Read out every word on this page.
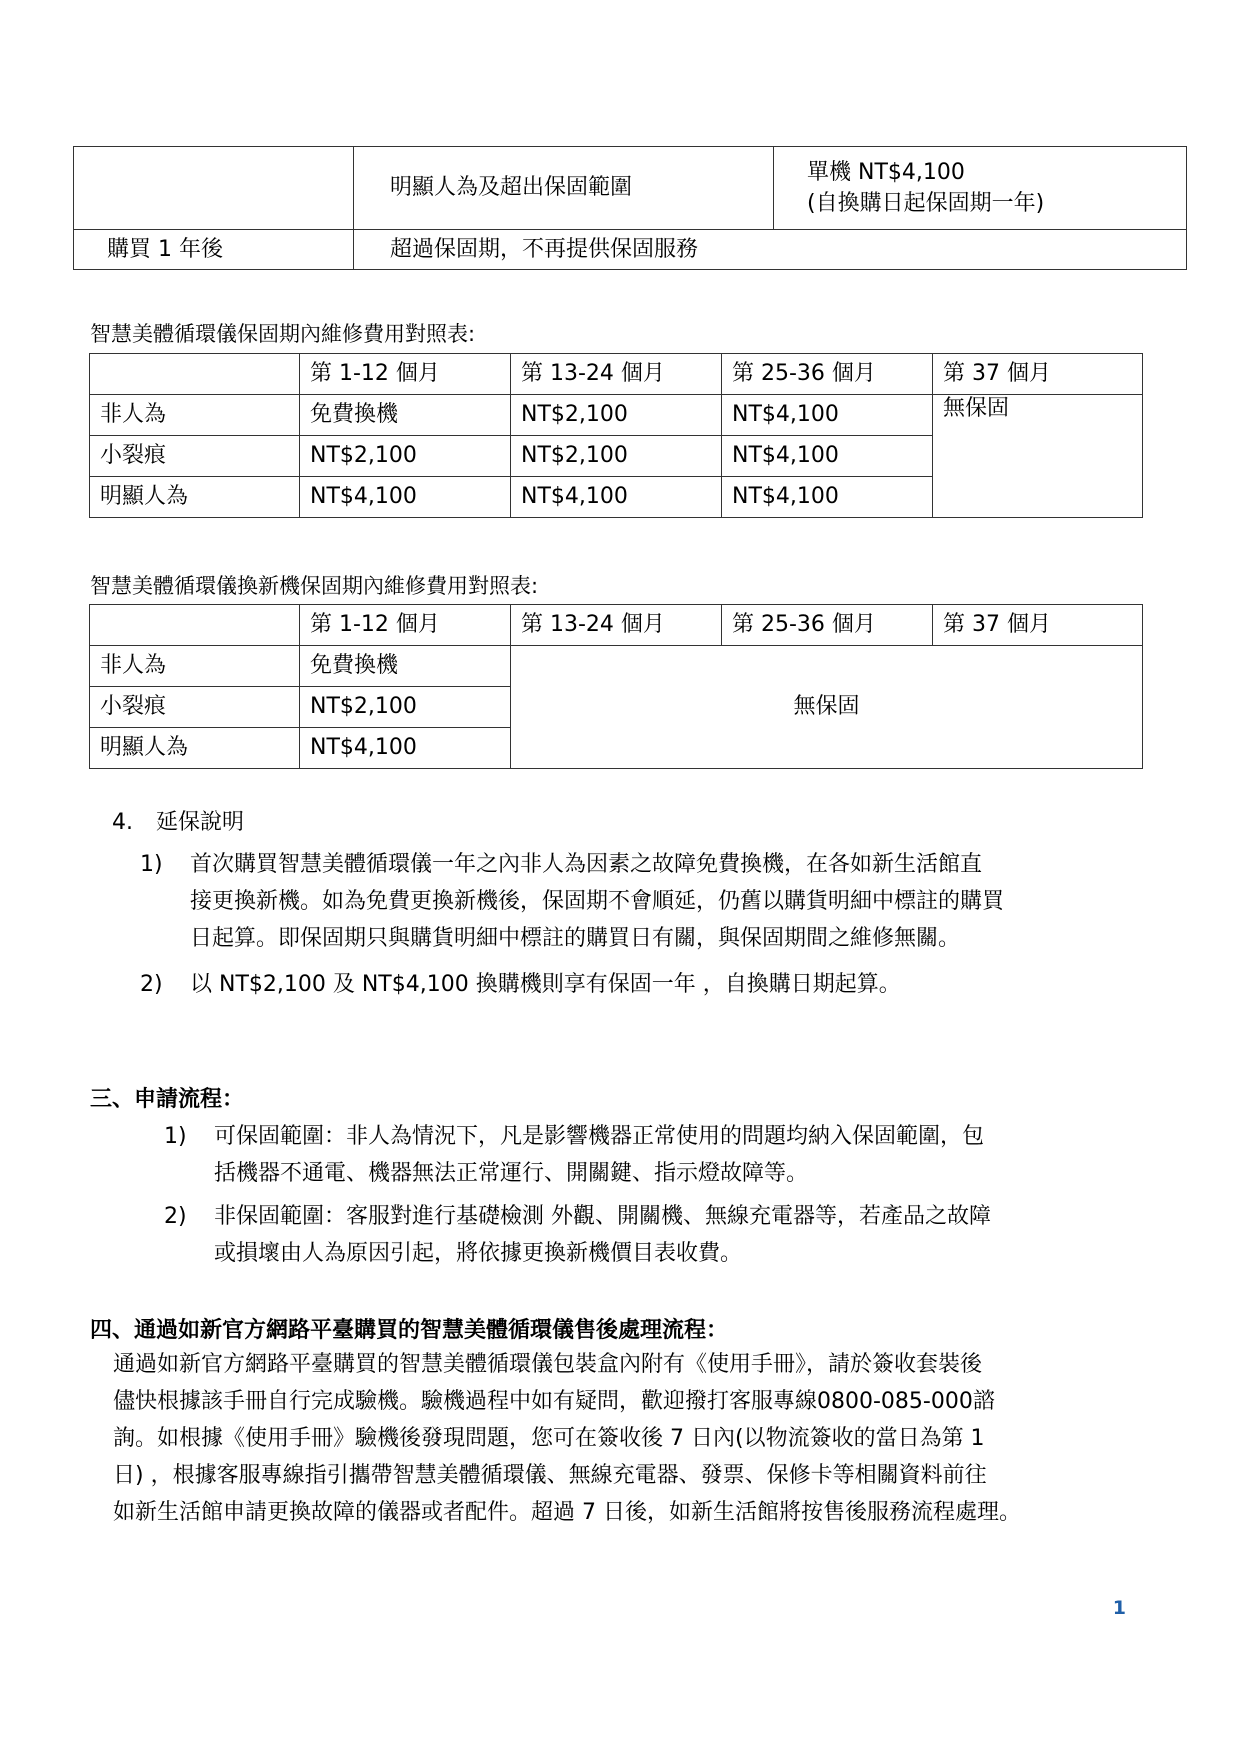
	明顯人為及超出保固範圍	單機 NT$4,100
(自換購日起保固期一年)

購買 1 年後	超過保固期，不再提供保固服務	
智慧美體循環儀保固期內維修費用對照表:
	第 1-12 個月	第 13-24 個月	第 25-36 個月	第 37 個月
非人為	免費換機	NT$2,100	NT$4,100	無保固
小裂痕	NT$2,100	NT$2,100	NT$4,100	
明顯人為	NT$4,100	NT$4,100	NT$4,100	
智慧美體循環儀換新機保固期內維修費用對照表:
	第 1-12 個月	第 13-24 個月	第 25-36 個月	第 37 個月
非人為	免費換機	無保固		
小裂痕	NT$2,100			
明顯人為	NT$4,100			
4. 延保說明
1) 首次購買智慧美體循環儀一年之內非人為因素之故障免費換機，在各如新生活館直
接更換新機。如為免費更換新機後，保固期不會順延，仍舊以購貨明細中標註的購買
日起算。即保固期只與購貨明細中標註的購買日有關，與保固期間之維修無關。
2) 以 NT$2,100 及 NT$4,100 換購機則享有保固一年 ，自換購日期起算。
三、申請流程：
1) 可保固範圍：非人為情況下，凡是影響機器正常使用的問題均納入保固範圍，包
括機器不通電、機器無法正常運行、開關鍵、指示燈故障等。
2) 非保固範圍：客服對進行基礎檢測 外觀、開關機、無線充電器等，若產品之故障
或損壞由人為原因引起，將依據更換新機價目表收費。
四、通過如新官方網路平臺購買的智慧美體循環儀售後處理流程：
通過如新官方網路平臺購買的智慧美體循環儀包裝盒內附有《使用手冊》，請於簽收套裝後
儘快根據該手冊自行完成驗機。驗機過程中如有疑問，歡迎撥打客服專線0800-085-000諮
詢。如根據《使用手冊》驗機後發現問題，您可在簽收後 7 日內(以物流簽收的當日為第 1
日) ，根據客服專線指引攜帶智慧美體循環儀、無線充電器、發票、保修卡等相關資料前往
如新生活館申請更換故障的儀器或者配件。超過 7 日後，如新生活館將按售後服務流程處理。
1
